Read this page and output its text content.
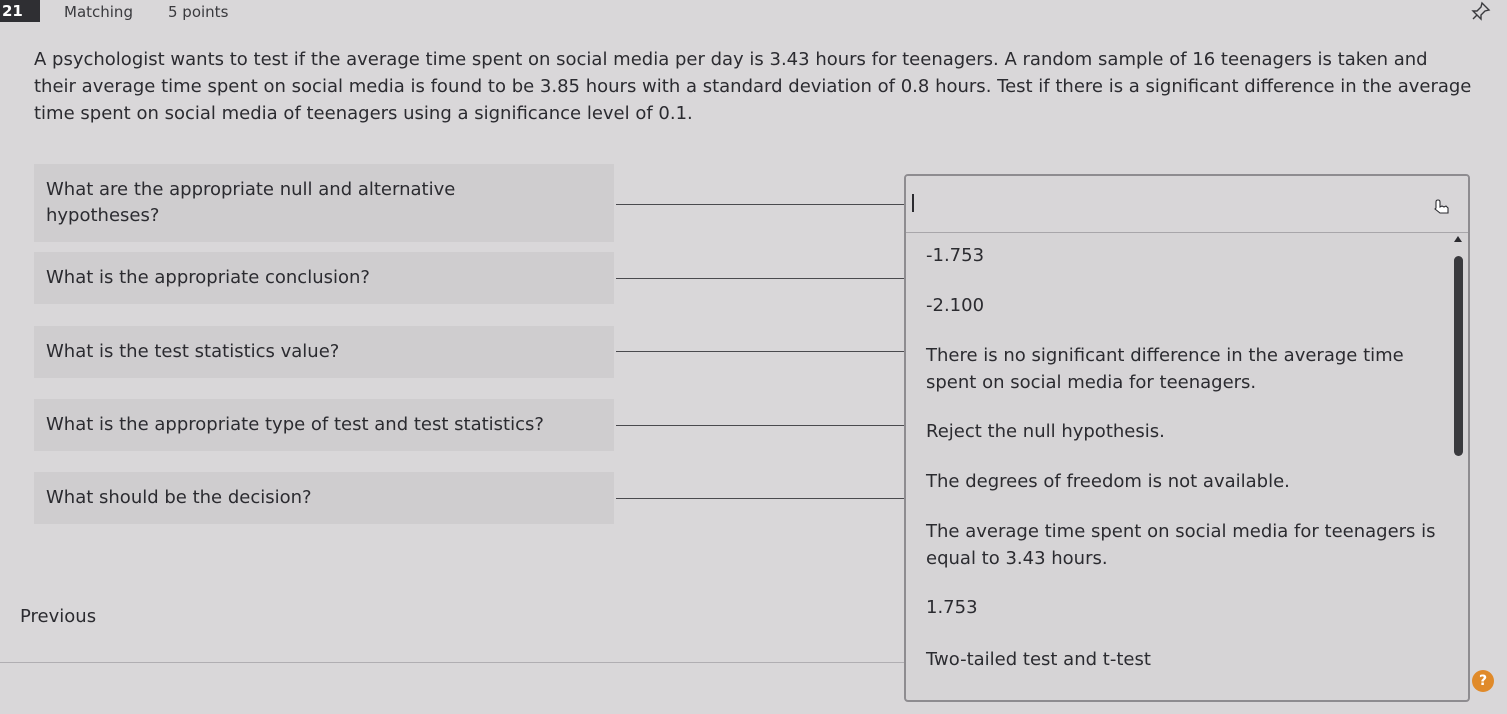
21	Matching 5 points
A psychologist wants to test if the average time spent on social media per day is 3.43 hours for teenagers. A random sample of 16 teenagers is taken and their average time spent on social media is found to be 3.85 hours with a standard deviation of 0.8 hours. Test if there is a signiﬁcant difference in the average time spent on social media of teenagers using a signiﬁcance level of 0.1.
What are the appropriate null and alternative hypotheses?
What is the appropriate conclusion?
What is the test statistics value?
What is the appropriate type of test and test statistics?
What should be the decision?
-1.753
-2.100
There is no signiﬁcant difference in the average time spent on social media for teenagers.
Reject the null hypothesis.
The degrees of freedom is not available.
The average time spent on social media for teenagers is equal to 3.43 hours.
1.753
Two-tailed test and t-test
Previous
?
